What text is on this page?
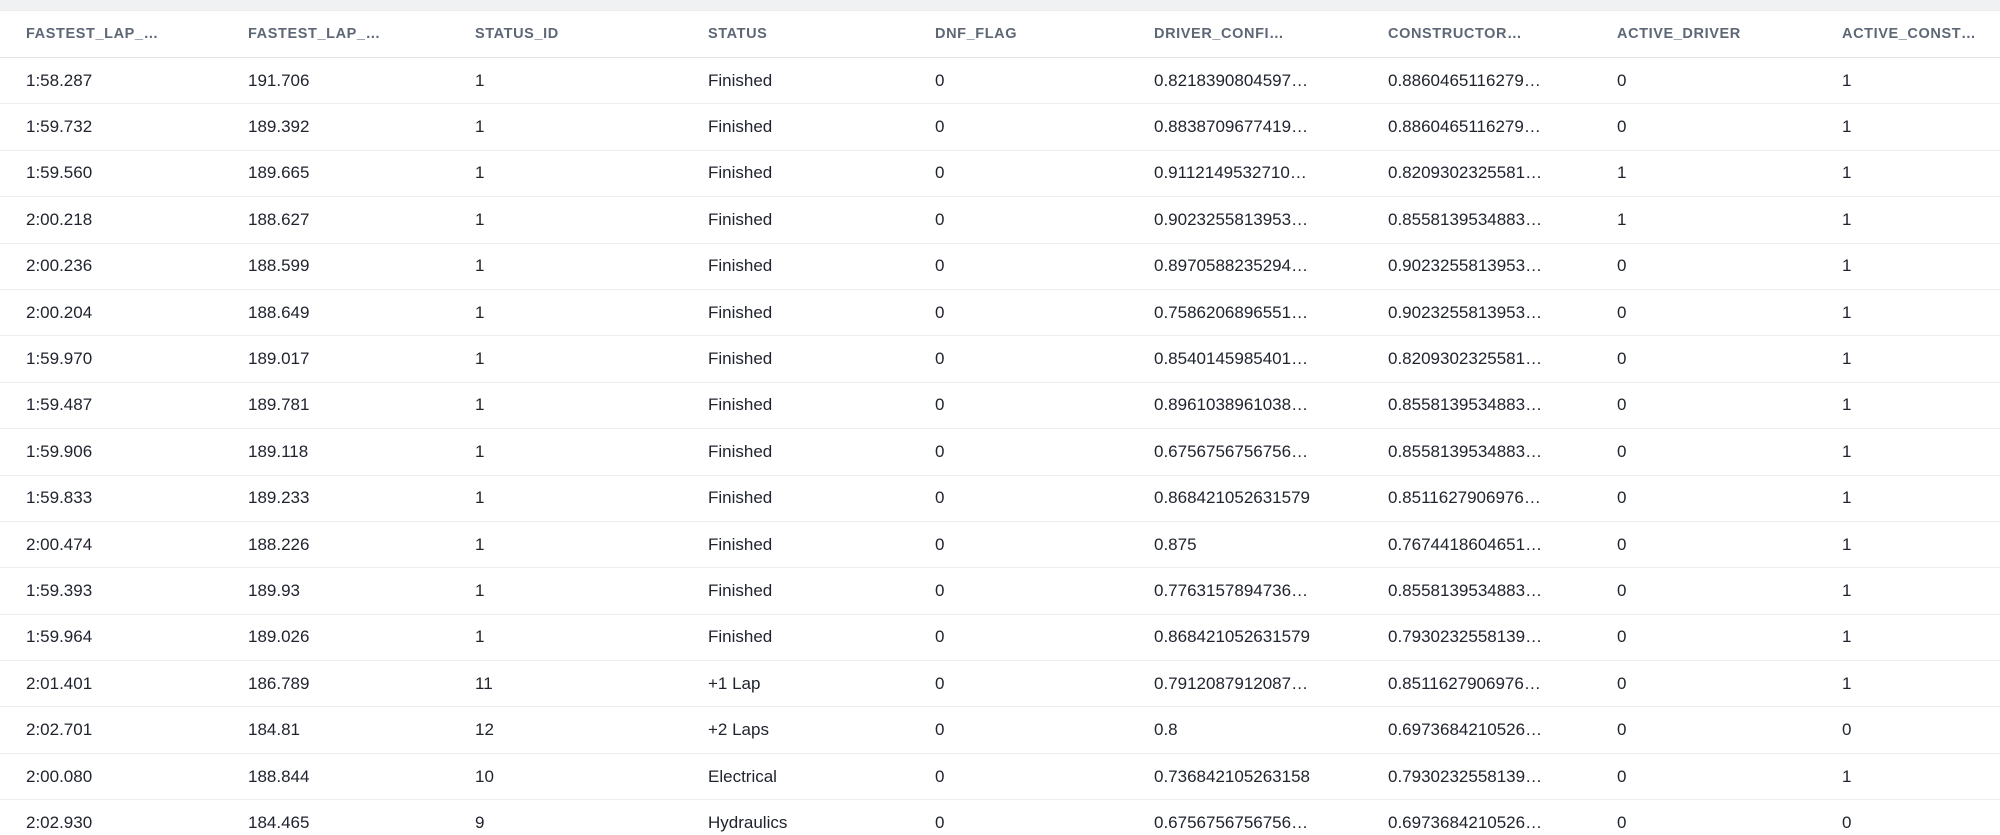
FASTEST_LAP_…	FASTEST_LAP_…	STATUS_ID	STATUS	DNF_FLAG	DRIVER_CONFI…	CONSTRUCTOR…	ACTIVE_DRIVER	ACTIVE_CONST…
1:58.287	191.706	1	Finished	0	0.8218390804597…	0.8860465116279…	0	1
1:59.732	189.392	1	Finished	0	0.8838709677419…	0.8860465116279…	0	1
1:59.560	189.665	1	Finished	0	0.9112149532710…	0.8209302325581…	1	1
2:00.218	188.627	1	Finished	0	0.9023255813953…	0.8558139534883…	1	1
2:00.236	188.599	1	Finished	0	0.8970588235294…	0.9023255813953…	0	1
2:00.204	188.649	1	Finished	0	0.7586206896551…	0.9023255813953…	0	1
1:59.970	189.017	1	Finished	0	0.8540145985401…	0.8209302325581…	0	1
1:59.487	189.781	1	Finished	0	0.8961038961038…	0.8558139534883…	0	1
1:59.906	189.118	1	Finished	0	0.6756756756756…	0.8558139534883…	0	1
1:59.833	189.233	1	Finished	0	0.868421052631579	0.8511627906976…	0	1
2:00.474	188.226	1	Finished	0	0.875	0.7674418604651…	0	1
1:59.393	189.93	1	Finished	0	0.7763157894736…	0.8558139534883…	0	1
1:59.964	189.026	1	Finished	0	0.868421052631579	0.7930232558139…	0	1
2:01.401	186.789	11	+1 Lap	0	0.7912087912087…	0.8511627906976…	0	1
2:02.701	184.81	12	+2 Laps	0	0.8	0.6973684210526…	0	0
2:00.080	188.844	10	Electrical	0	0.736842105263158	0.7930232558139…	0	1
2:02.930	184.465	9	Hydraulics	0	0.6756756756756…	0.6973684210526…	0	0
